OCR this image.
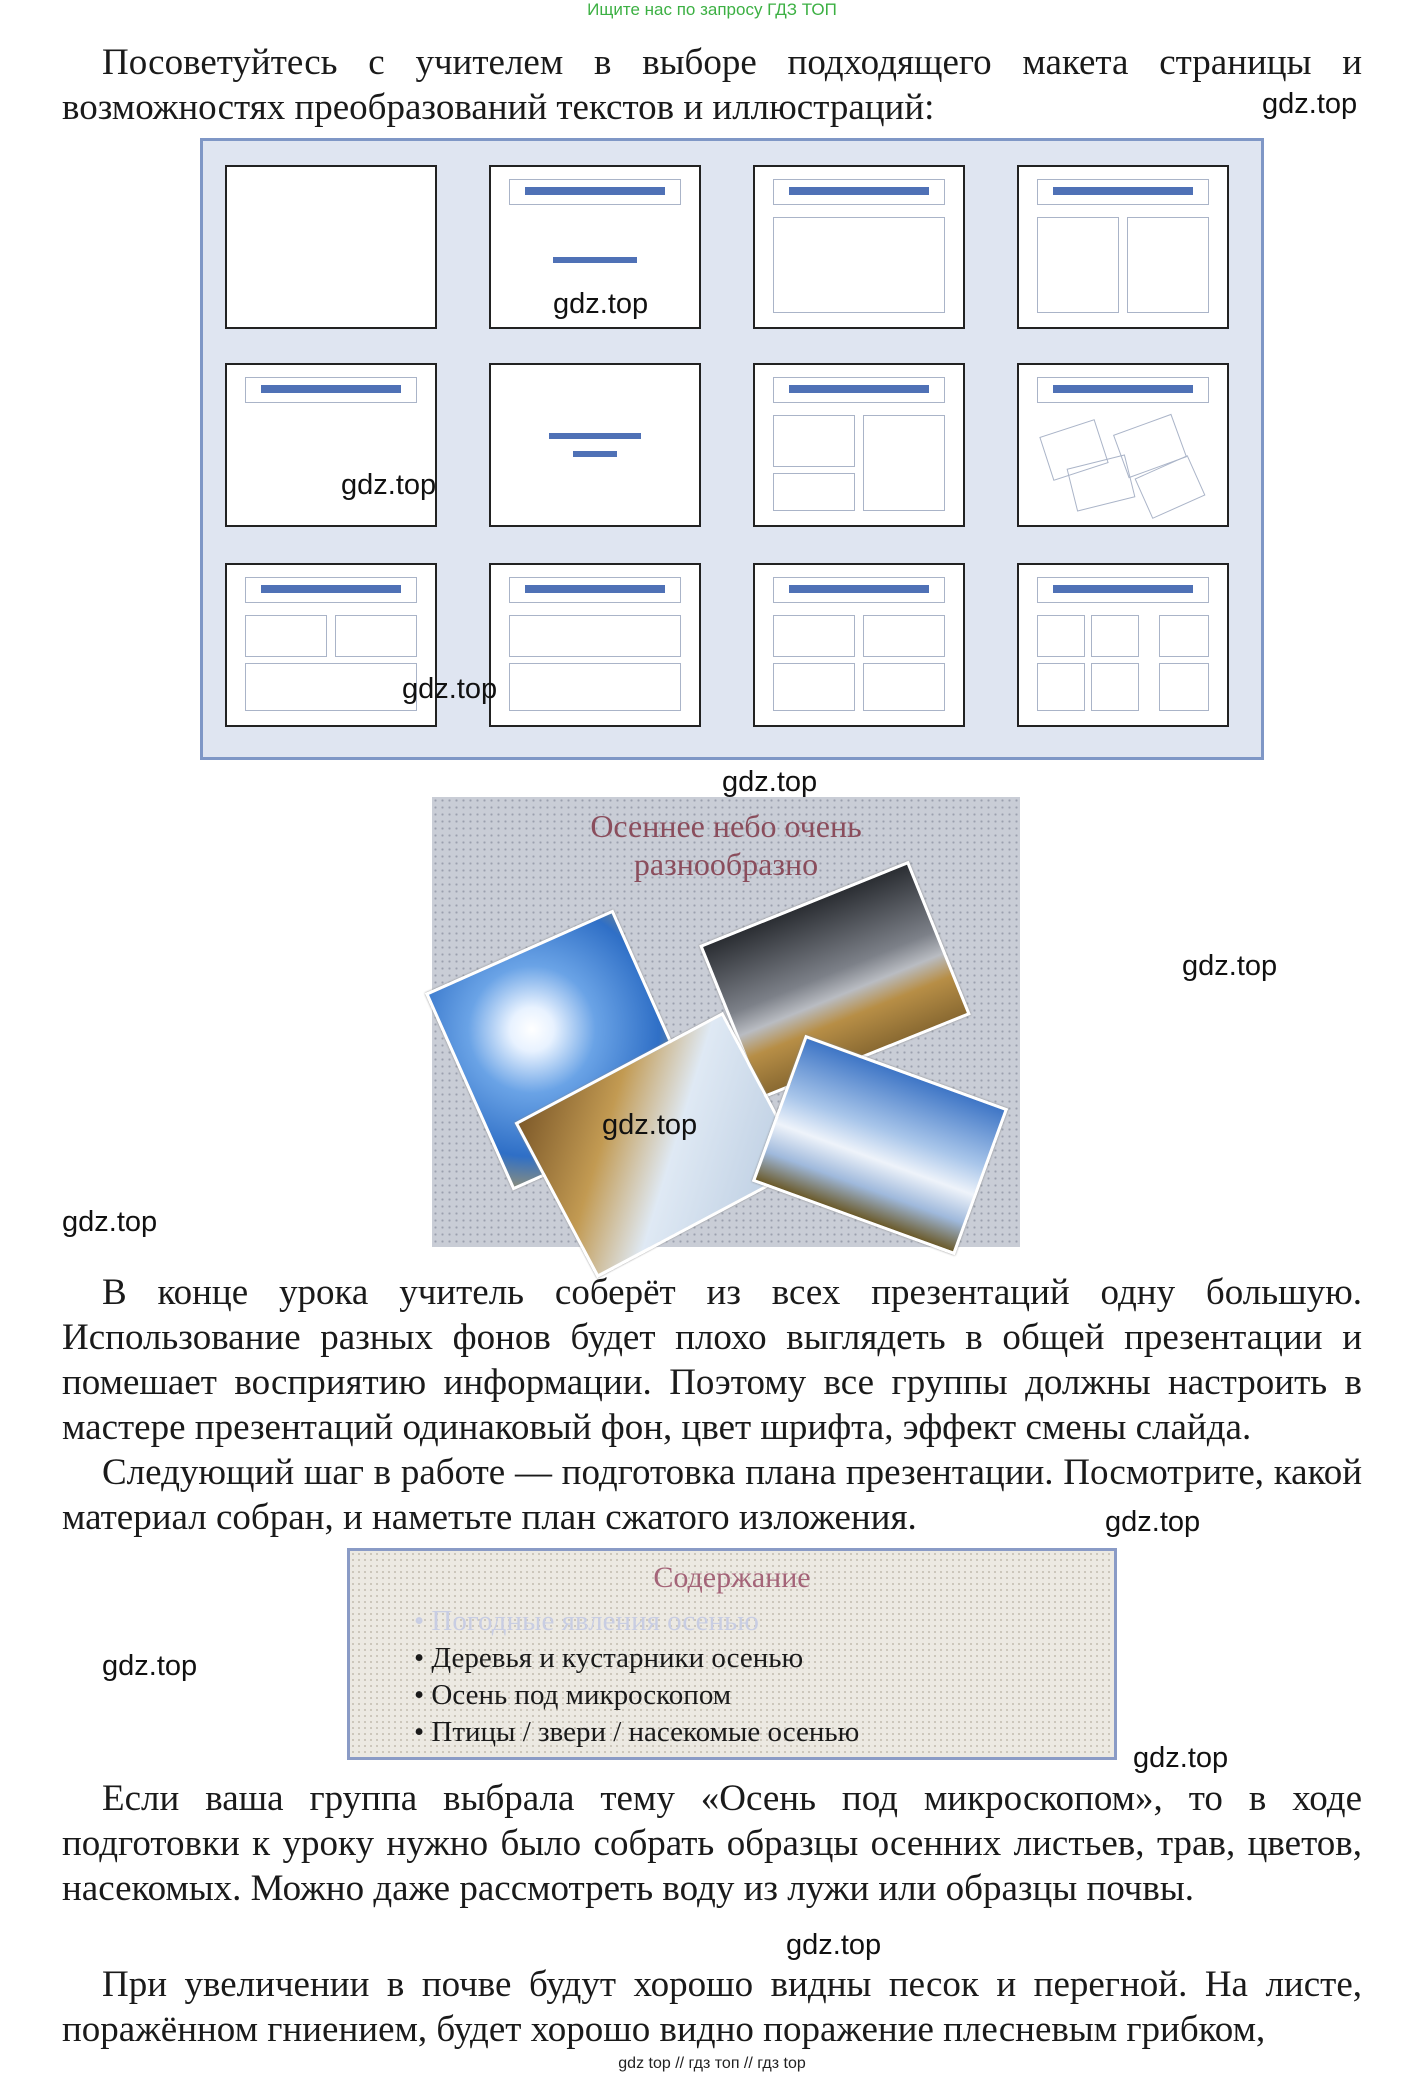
Ищите нас по запросу ГДЗ ТОП

Посоветуйтесь с учителем в выборе подходящего макета страницы и возможностях преобразований текстов и иллюстраций:

Осеннее небо очень
разнообразно

В конце урока учитель соберёт из всех презентаций одну большую. Использование разных фонов будет плохо выглядеть в общей презентации и помешает восприятию информации. Поэтому все группы должны настроить в мастере презентаций одинаковый фон, цвет шрифта, эффект смены слайда.

Следующий шаг в работе — подготовка плана презентации. Посмотрите, какой материал собран, и наметьте план сжатого изложения.

Содержание
• Погодные явления осенью
• Деревья и кустарники осенью
• Осень под микроскопом
• Птицы / звери / насекомые осенью

Если ваша группа выбрала тему «Осень под микроскопом», то в ходе подготовки к уроку нужно было собрать образцы осенних листьев, трав, цветов, насекомых. Можно даже рассмотреть воду из лужи или образцы почвы.

При увеличении в почве будут хорошо видны песок и перегной. На листе, поражённом гниением, будет хорошо видно поражение плесневым грибком,

gdz.top
gdz.top
gdz.top
gdz.top
gdz.top
gdz.top
gdz.top
gdz.top
gdz.top
gdz.top
gdz.top
gdz.top
gdz top // гдз топ // гдз top
